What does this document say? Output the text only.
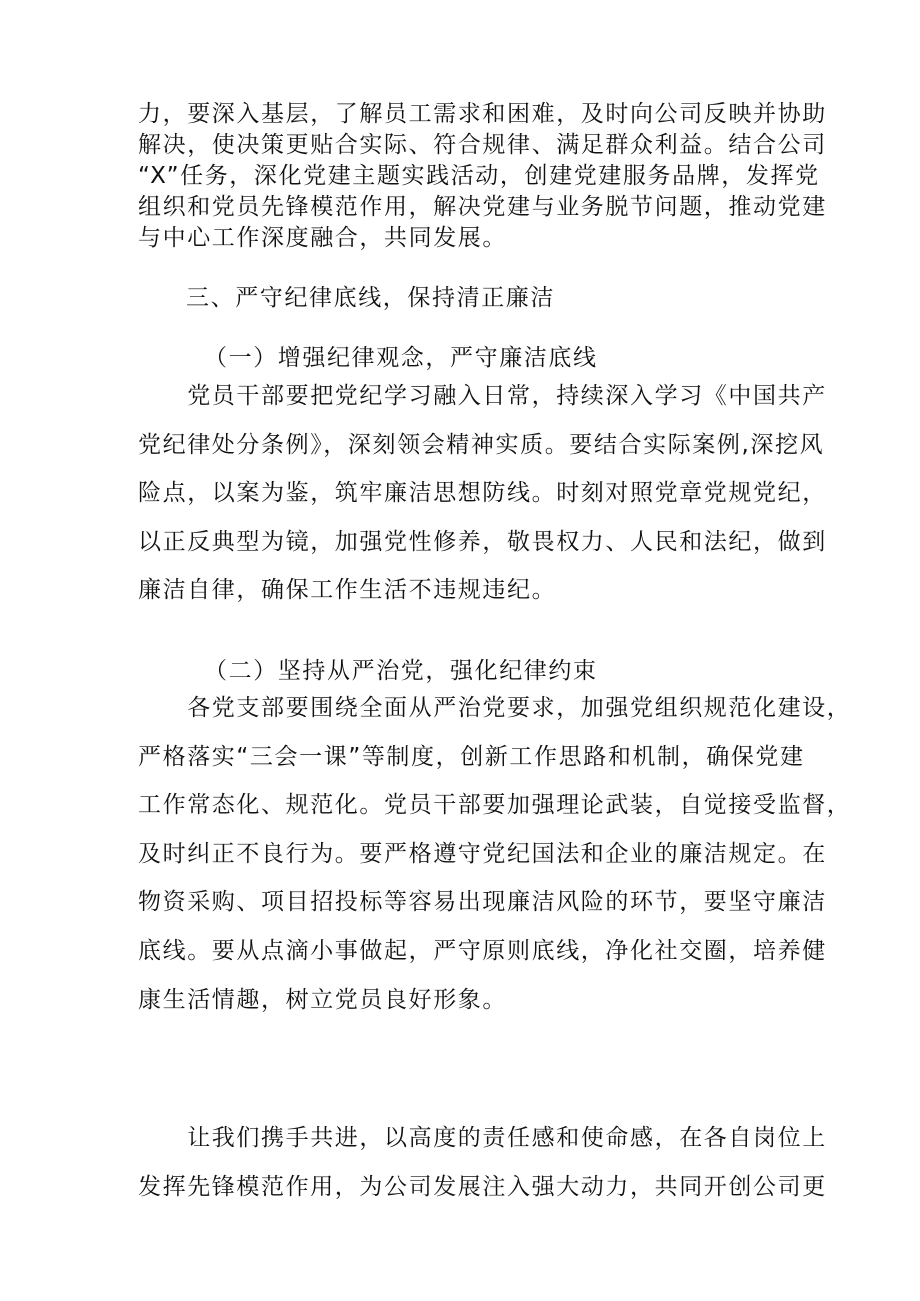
力，要深入基层，了解员工需求和困难，及时向公司反映并协助
解决，使决策更贴合实际、符合规律、满足群众利益。结合公司
“X”任务，深化党建主题实践活动，创建党建服务品牌，发挥党
组织和党员先锋模范作用，解决党建与业务脱节问题，推动党建
与中心工作深度融合，共同发展。
三、严守纪律底线，保持清正廉洁
（一）增强纪律观念，严守廉洁底线
　　党员干部要把党纪学习融入日常，持续深入学习《中国共产
党纪律处分条例》，深刻领会精神实质。要结合实际案例,深挖风
险点，以案为鉴，筑牢廉洁思想防线。时刻对照党章党规党纪，
以正反典型为镜，加强党性修养，敬畏权力、人民和法纪，做到
廉洁自律，确保工作生活不违规违纪。
（二）坚持从严治党，强化纪律约束
　　各党支部要围绕全面从严治党要求，加强党组织规范化建设，
严格落实“三会一课”等制度，创新工作思路和机制，确保党建
工作常态化、规范化。党员干部要加强理论武装，自觉接受监督，
及时纠正不良行为。要严格遵守党纪国法和企业的廉洁规定。在
物资采购、项目招投标等容易出现廉洁风险的环节，要坚守廉洁
底线。要从点滴小事做起，严守原则底线，净化社交圈，培养健
康生活情趣，树立党员良好形象。
　　让我们携手共进，以高度的责任感和使命感，在各自岗位上
发挥先锋模范作用，为公司发展注入强大动力，共同开创公司更
